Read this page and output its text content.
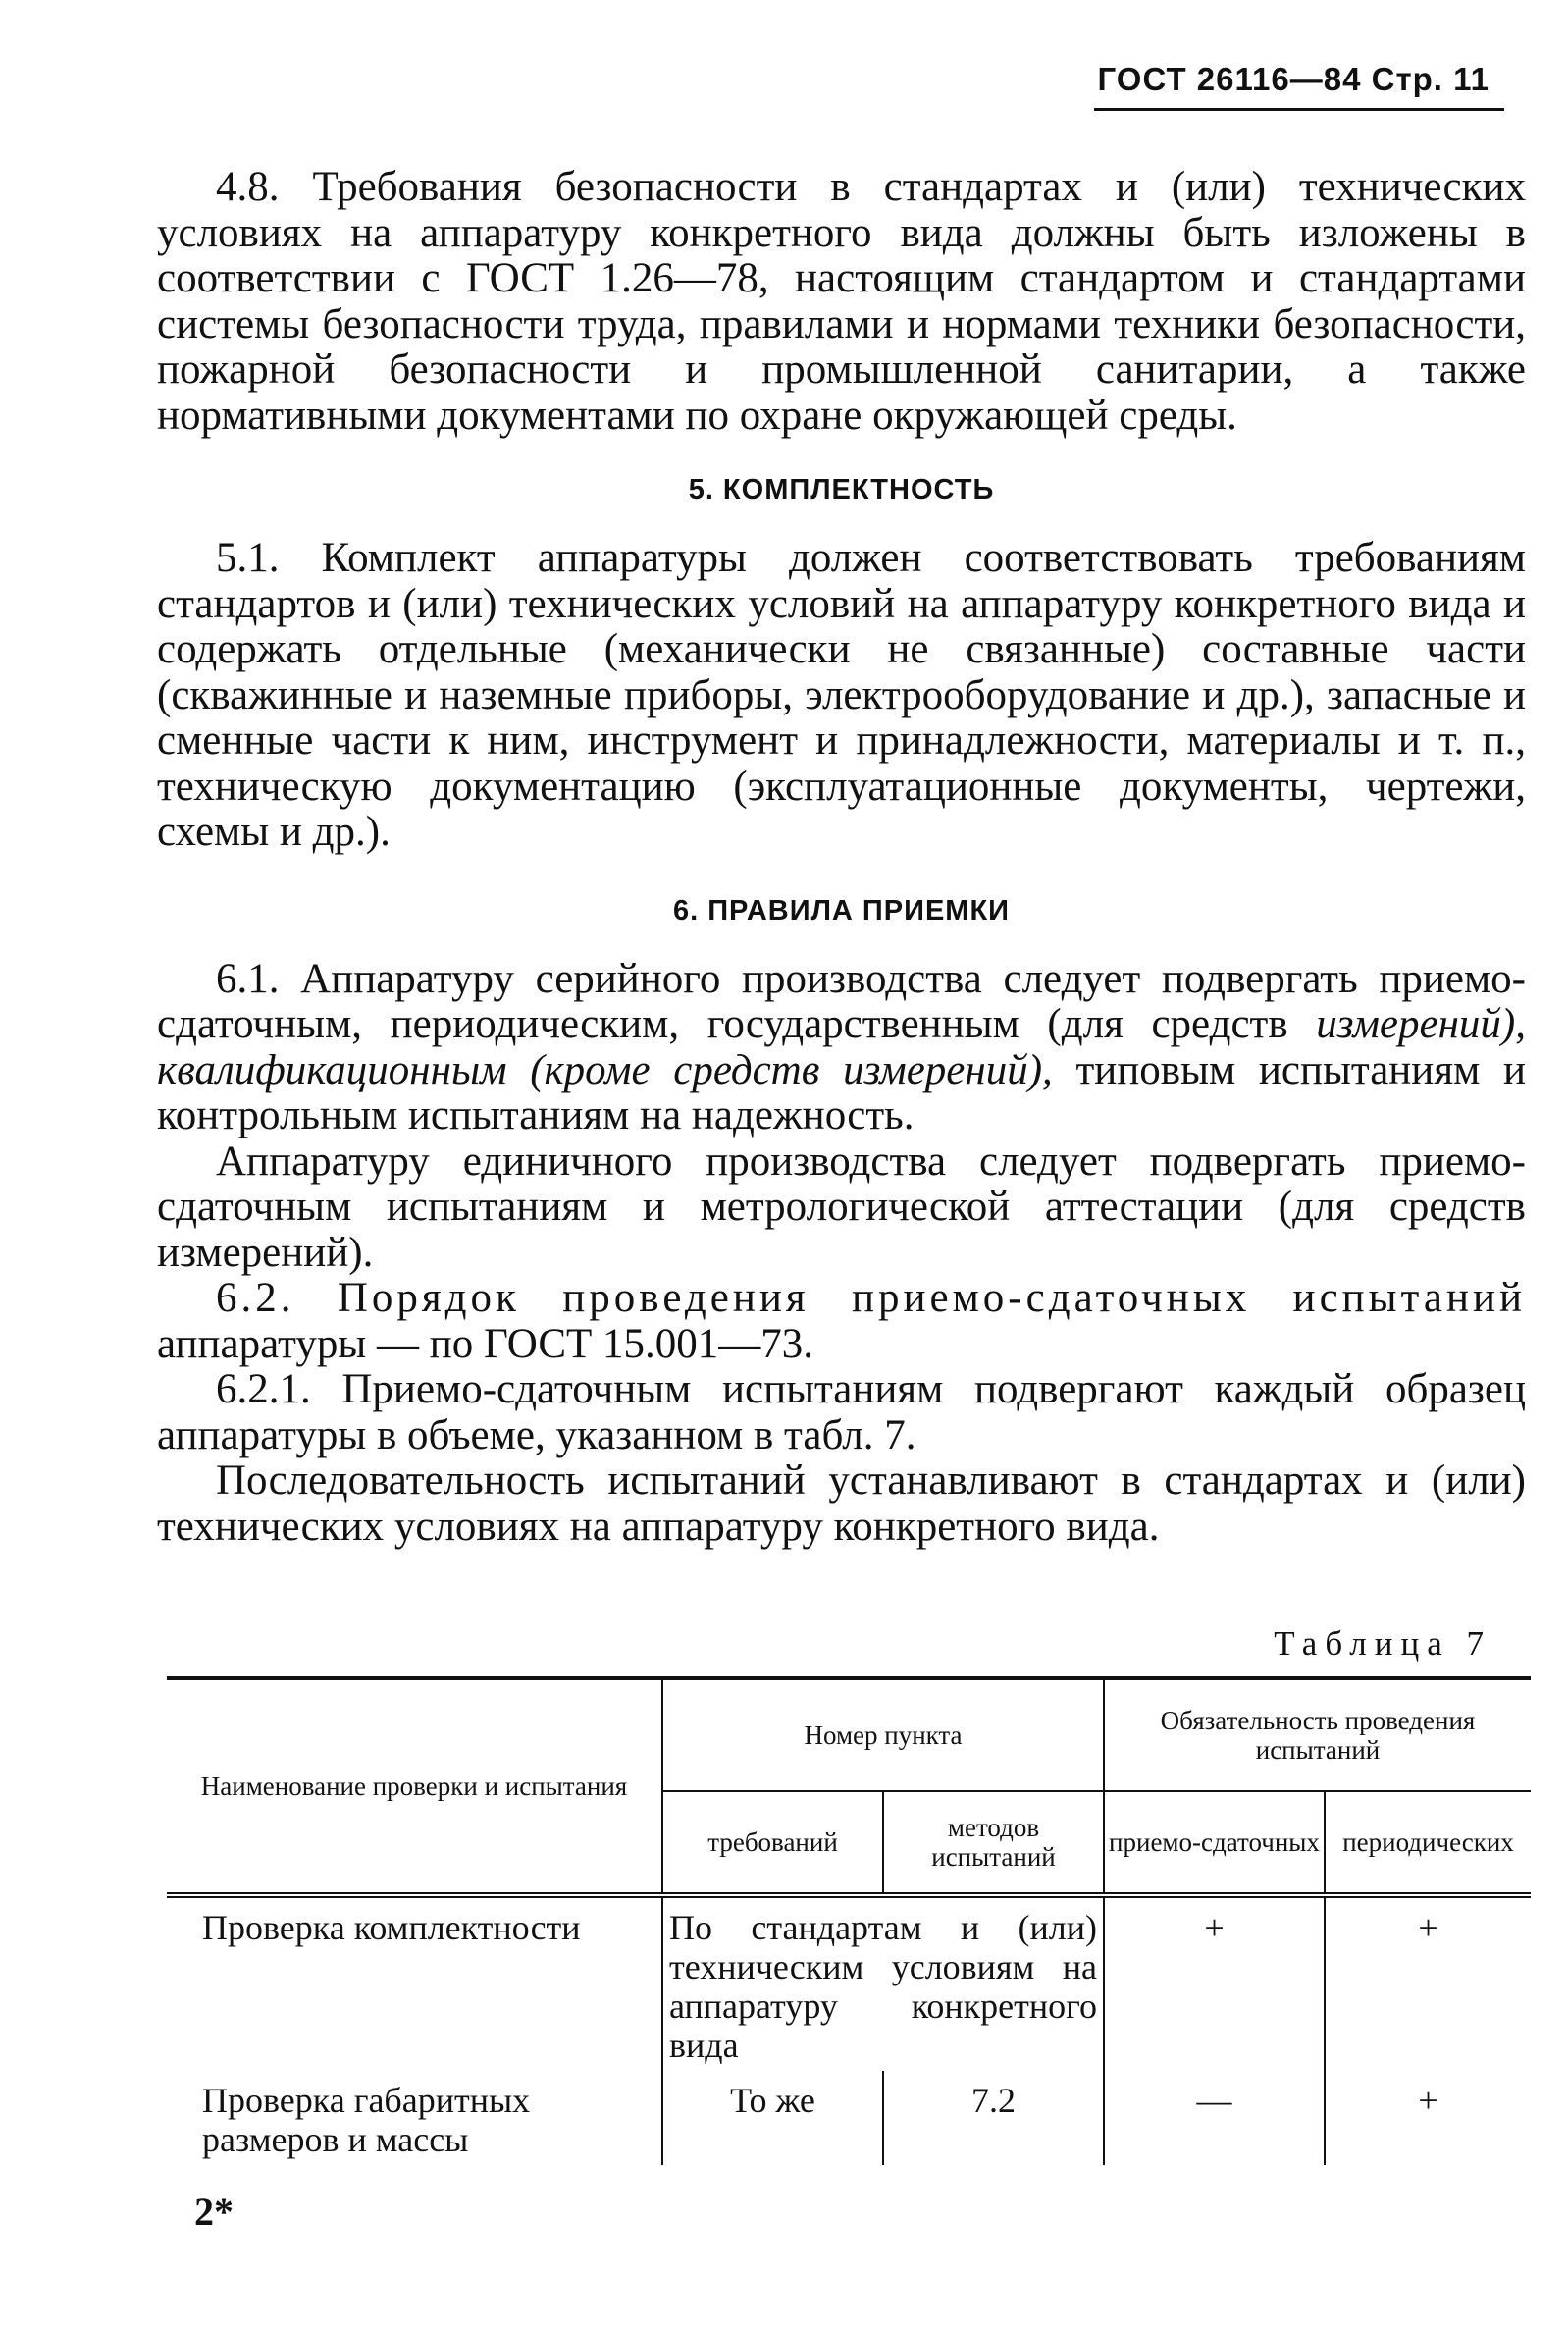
ГОСТ 26116—84 Стр. 11

4.8. Требования безопасности в стандартах и (или) технических условиях на аппаратуру конкретного вида должны быть изложены в соответствии с ГОСТ 1.26—78, настоящим стандартом и стандартами системы безопасности труда, правилами и нормами техники безопасности, пожарной безопасности и промышленной санитарии, а также нормативными документами по охране окружающей среды.

5. КОМПЛЕКТНОСТЬ

5.1. Комплект аппаратуры должен соответствовать требованиям стандартов и (или) технических условий на аппаратуру конкретного вида и содержать отдельные (механически не связанные) составные части (скважинные и наземные приборы, электрооборудование и др.), запасные и сменные части к ним, инструмент и принадлежности, материалы и т. п., техническую документацию (эксплуатационные документы, чертежи, схемы и др.).

6. ПРАВИЛА ПРИЕМКИ

6.1. Аппаратуру серийного производства следует подвергать приемо-сдаточным, периодическим, государственным (для средств измерений), квалификационным (кроме средств измерений), типовым испытаниям и контрольным испытаниям на надежность.

Аппаратуру единичного производства следует подвергать приемо-сдаточным испытаниям и метрологической аттестации (для средств измерений).

6.2. Порядок проведения приемо-сдаточных испытаний аппаратуры — по ГОСТ 15.001—73.

6.2.1. Приемо-сдаточным испытаниям подвергают каждый образец аппаратуры в объеме, указанном в табл. 7.

Последовательность испытаний устанавливают в стандартах и (или) технических условиях на аппаратуру конкретного вида.

Таблица 7
Наименование проверки и испытания	Номер пункта		Обязательность проведения испытаний	
	требований	методов испытаний	приемо-сдаточных	периодических
Проверка комплектности	По стандартам и (или) техническим условиям на аппаратуру конкретного вида		+	+
Проверка габаритных размеров и массы	То же	7.2	—	+
2*
